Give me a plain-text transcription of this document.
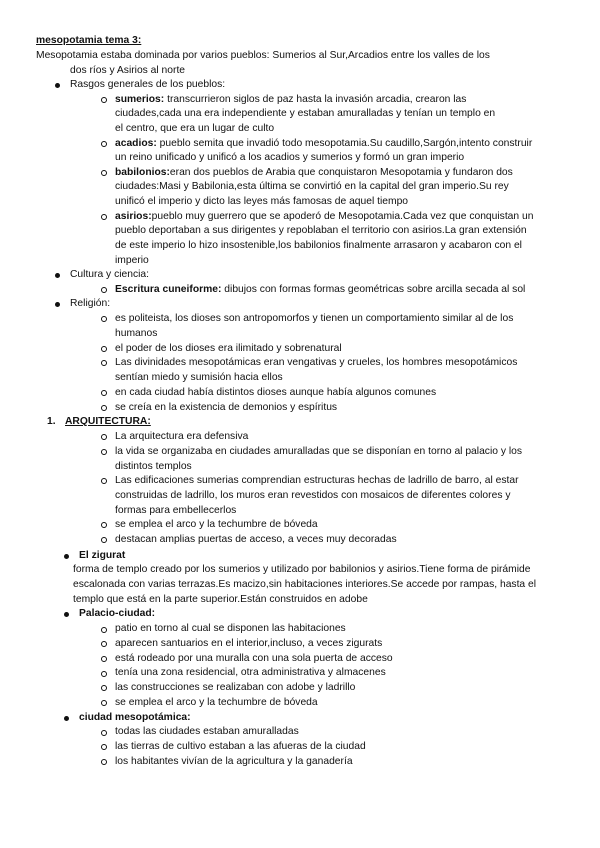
mesopotamia tema 3:
Mesopotamia estaba dominada por varios pueblos: Sumerios al Sur,Arcadios entre los valles de los
dos ríos y Asirios al norte
Rasgos generales de los pueblos:
sumerios: transcurrieron siglos de paz hasta la invasión arcadia, crearon las
ciudades,cada una era independiente y estaban amuralladas y tenían un templo en
el centro, que era un lugar de culto
acadios: pueblo semita que invadió todo mesopotamia.Su caudillo,Sargón,intento construir
un reino unificado y unificó a los acadios y sumerios y formó un gran imperio
babilonios:eran dos pueblos de Arabia que conquistaron Mesopotamia y fundaron dos
ciudades:Masi y Babilonia,esta última se convirtió en la capital del gran imperio.Su rey
unificó el imperio y dicto las leyes más famosas de aquel tiempo
asirios:pueblo muy guerrero que se apoderó de Mesopotamia.Cada vez que conquistan un
pueblo deportaban a sus dirigentes y repoblaban el territorio con asirios.La gran extensión
de este imperio lo hizo insostenible,los babilonios finalmente arrasaron y acabaron con el
imperio
Cultura y ciencia:
Escritura cuneiforme: dibujos con formas formas geométricas sobre arcilla secada al sol
Religión:
es politeista, los dioses son antropomorfos y tienen un comportamiento similar al de los
humanos
el poder de los dioses era ilimitado y sobrenatural
Las divinidades mesopotámicas eran vengativas y crueles, los hombres mesopotámicos
sentían miedo y sumisión hacia ellos
en cada ciudad había distintos dioses aunque había algunos comunes
se creía en la existencia de demonios y espíritus
1. ARQUITECTURA:
La arquitectura era defensiva
la vida se organizaba en ciudades amuralladas que se disponían en torno al palacio y los
distintos templos
Las edificaciones sumerias comprendian estructuras hechas de ladrillo de barro, al estar
construidas de ladrillo, los muros eran revestidos con mosaicos de diferentes colores y
formas para embellecerlos
se emplea el arco y la techumbre de bóveda
destacan amplias puertas de acceso, a veces muy decoradas
El zigurat
forma de templo creado por los sumerios y utilizado por babilonios y asirios.Tiene forma de pirámide
escalonada con varias terrazas.Es macizo,sin habitaciones interiores.Se accede por rampas, hasta el
templo que está en la parte superior.Están construidos en adobe
Palacio-ciudad:
patio en torno al cual se disponen las habitaciones
aparecen santuarios en el interior,incluso, a veces zigurats
está rodeado por una muralla con una sola puerta de acceso
tenía una zona residencial, otra administrativa y almacenes
las construcciones se realizaban con adobe y ladrillo
se emplea el arco y la techumbre de bóveda
ciudad mesopotámica:
todas las ciudades estaban amuralladas
las tierras de cultivo estaban a las afueras de la ciudad
los habitantes vivían de la agricultura y la ganadería
